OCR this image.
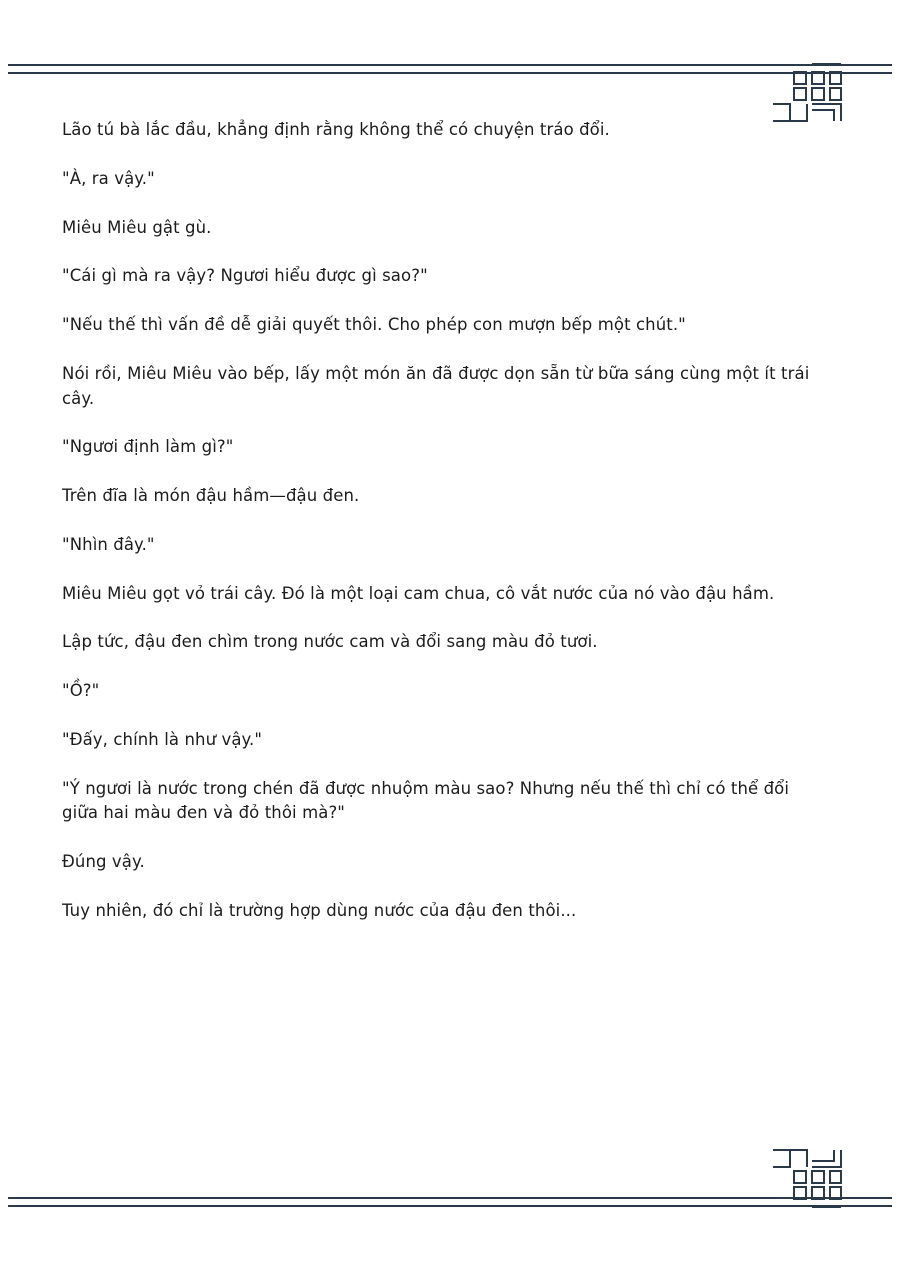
Lão tú bà lắc đầu, khẳng định rằng không thể có chuyện tráo đổi.

"À, ra vậy."

Miêu Miêu gật gù.

"Cái gì mà ra vậy? Ngươi hiểu được gì sao?"

"Nếu thế thì vấn đề dễ giải quyết thôi. Cho phép con mượn bếp một chút."

Nói rồi, Miêu Miêu vào bếp, lấy một món ăn đã được dọn sẵn từ bữa sáng cùng một ít trái cây.

"Ngươi định làm gì?"

Trên đĩa là món đậu hầm—đậu đen.

"Nhìn đây."

Miêu Miêu gọt vỏ trái cây. Đó là một loại cam chua, cô vắt nước của nó vào đậu hầm.

Lập tức, đậu đen chìm trong nước cam và đổi sang màu đỏ tươi.

"Ồ?"

"Đấy, chính là như vậy."

"Ý ngươi là nước trong chén đã được nhuộm màu sao? Nhưng nếu thế thì chỉ có thể đổi giữa hai màu đen và đỏ thôi mà?"

Đúng vậy.

Tuy nhiên, đó chỉ là trường hợp dùng nước của đậu đen thôi...
